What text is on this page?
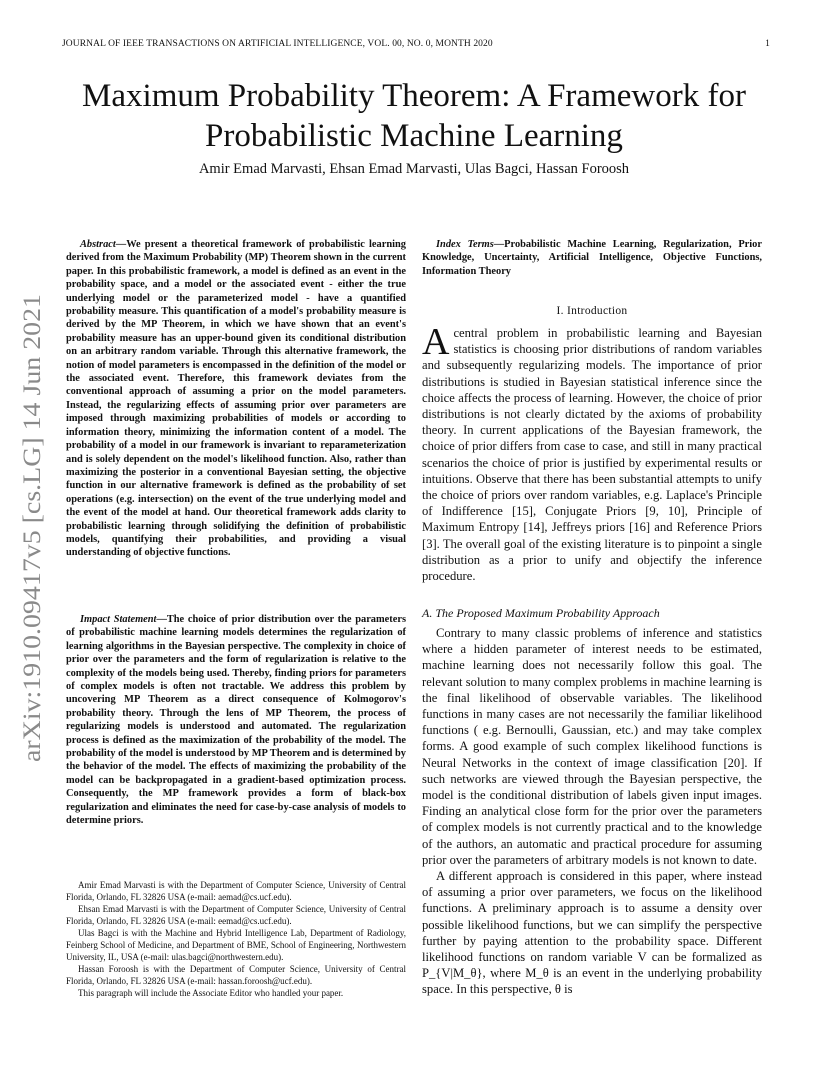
JOURNAL OF IEEE TRANSACTIONS ON ARTIFICIAL INTELLIGENCE, VOL. 00, NO. 0, MONTH 2020	1
Maximum Probability Theorem: A Framework for Probabilistic Machine Learning
Amir Emad Marvasti, Ehsan Emad Marvasti, Ulas Bagci, Hassan Foroosh
arXiv:1910.09417v5 [cs.LG] 14 Jun 2021

Abstract—We present a theoretical framework of probabilistic learning derived from the Maximum Probability (MP) Theorem shown in the current paper. In this probabilistic framework, a model is defined as an event in the probability space, and a model or the associated event - either the true underlying model or the parameterized model - have a quantified probability measure. This quantification of a model's probability measure is derived by the MP Theorem, in which we have shown that an event's probability measure has an upper-bound given its conditional distribution on an arbitrary random variable. Through this alternative framework, the notion of model parameters is encompassed in the definition of the model or the associated event. Therefore, this framework deviates from the conventional approach of assuming a prior on the model parameters. Instead, the regularizing effects of assuming prior over parameters are imposed through maximizing probabilities of models or according to information theory, minimizing the information content of a model. The probability of a model in our framework is invariant to reparameterization and is solely dependent on the model's likelihood function. Also, rather than maximizing the posterior in a conventional Bayesian setting, the objective function in our alternative framework is defined as the probability of set operations (e.g. intersection) on the event of the true underlying model and the event of the model at hand. Our theoretical framework adds clarity to probabilistic learning through solidifying the definition of probabilistic models, quantifying their probabilities, and providing a visual understanding of objective functions.

Impact Statement—The choice of prior distribution over the parameters of probabilistic machine learning models determines the regularization of learning algorithms in the Bayesian perspective. The complexity in choice of prior over the parameters and the form of regularization is relative to the complexity of the models being used. Thereby, finding priors for parameters of complex models is often not tractable. We address this problem by uncovering MP Theorem as a direct consequence of Kolmogorov's probability theory. Through the lens of MP Theorem, the process of regularizing models is understood and automated. The regularization process is defined as the maximization of the probability of the model. The probability of the model is understood by MP Theorem and is determined by the behavior of the model. The effects of maximizing the probability of the model can be backpropagated in a gradient-based optimization process. Consequently, the MP framework provides a form of black-box regularization and eliminates the need for case-by-case analysis of models to determine priors.

Amir Emad Marvasti is with the Department of Computer Science, University of Central Florida, Orlando, FL 32826 USA (e-mail: aemad@cs.ucf.edu).

Ehsan Emad Marvasti is with the Department of Computer Science, University of Central Florida, Orlando, FL 32826 USA (e-mail: eemad@cs.ucf.edu).

Ulas Bagci is with the Machine and Hybrid Intelligence Lab, Department of Radiology, Feinberg School of Medicine, and Department of BME, School of Engineering, Northwestern University, IL, USA (e-mail: ulas.bagci@northwestern.edu).

Hassan Foroosh is with the Department of Computer Science, University of Central Florida, Orlando, FL 32826 USA (e-mail: hassan.foroosh@ucf.edu).

This paragraph will include the Associate Editor who handled your paper.

Index Terms—Probabilistic Machine Learning, Regularization, Prior Knowledge, Uncertainty, Artificial Intelligence, Objective Functions, Information Theory

I. Introduction

Acentral problem in probabilistic learning and Bayesian statistics is choosing prior distributions of random variables and subsequently regularizing models. The importance of prior distributions is studied in Bayesian statistical inference since the choice affects the process of learning. However, the choice of prior distributions is not clearly dictated by the axioms of probability theory. In current applications of the Bayesian framework, the choice of prior differs from case to case, and still in many practical scenarios the choice of prior is justified by experimental results or intuitions. Observe that there has been substantial attempts to unify the choice of priors over random variables, e.g. Laplace's Principle of Indifference [15], Conjugate Priors [9, 10], Principle of Maximum Entropy [14], Jeffreys priors [16] and Reference Priors [3]. The overall goal of the existing literature is to pinpoint a single distribution as a prior to unify and objectify the inference procedure.

A. The Proposed Maximum Probability Approach

Contrary to many classic problems of inference and statistics where a hidden parameter of interest needs to be estimated, machine learning does not necessarily follow this goal. The relevant solution to many complex problems in machine learning is the final likelihood of observable variables. The likelihood functions in many cases are not necessarily the familiar likelihood functions ( e.g. Bernoulli, Gaussian, etc.) and may take complex forms. A good example of such complex likelihood functions is Neural Networks in the context of image classification [20]. If such networks are viewed through the Bayesian perspective, the model is the conditional distribution of labels given input images. Finding an analytical close form for the prior over the parameters of complex models is not currently practical and to the knowledge of the authors, an automatic and practical procedure for assuming prior over the parameters of arbitrary models is not known to date.

A different approach is considered in this paper, where instead of assuming a prior over parameters, we focus on the likelihood functions. A preliminary approach is to assume a density over possible likelihood functions, but we can simplify the perspective further by paying attention to the probability space. Different likelihood functions on random variable V can be formalized as P_{V|M_θ}, where M_θ is an event in the underlying probability space. In this perspective, θ is
